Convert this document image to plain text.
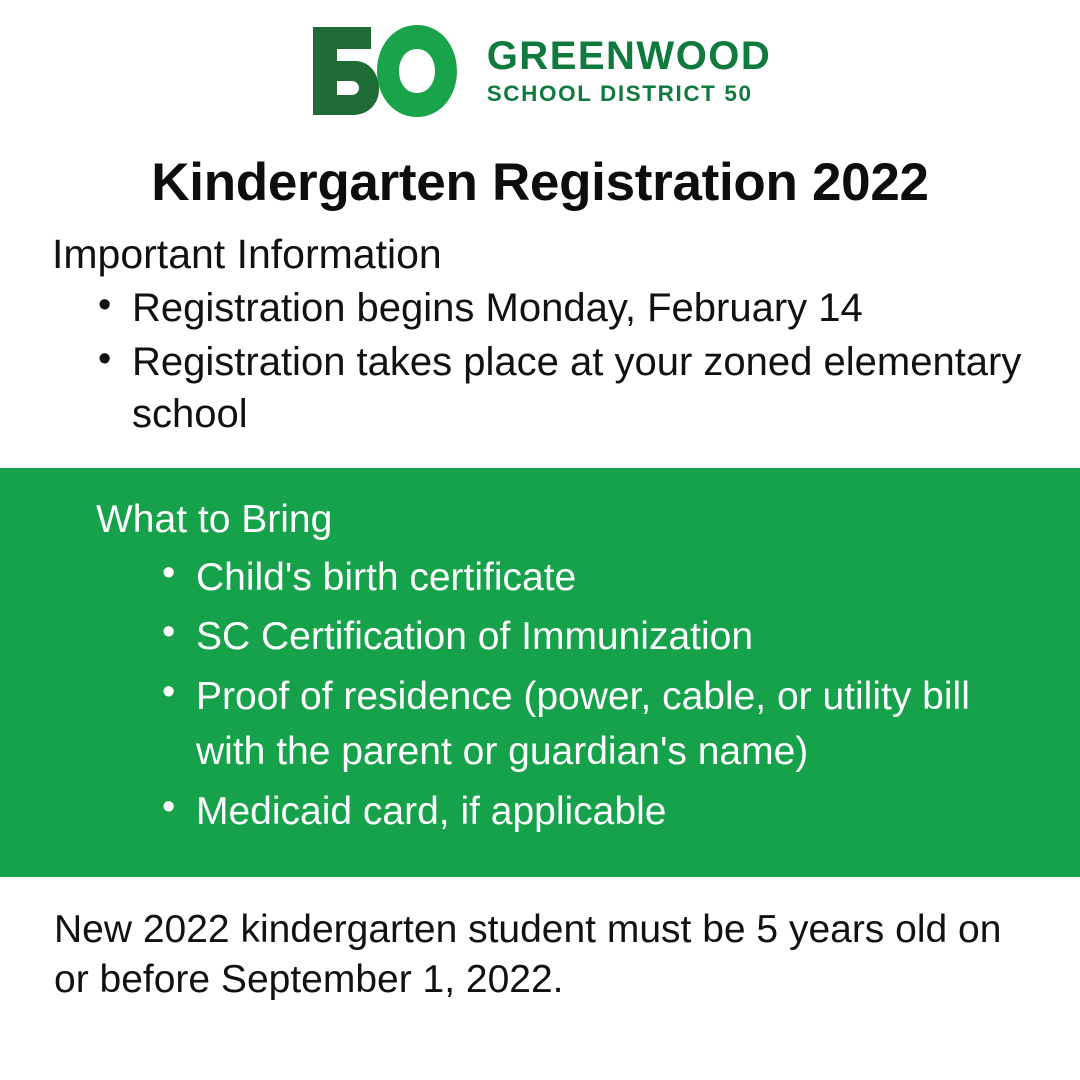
GREENWOOD
SCHOOL DISTRICT 50
Kindergarten Registration 2022
Important Information
• Registration begins Monday, February 14
• Registration takes place at your zoned elementary school
What to Bring
• Child's birth certificate
• SC Certification of Immunization
• Proof of residence (power, cable, or utility bill with the parent or guardian's name)
• Medicaid card, if applicable
New 2022 kindergarten student must be 5 years old on or before September 1, 2022.
